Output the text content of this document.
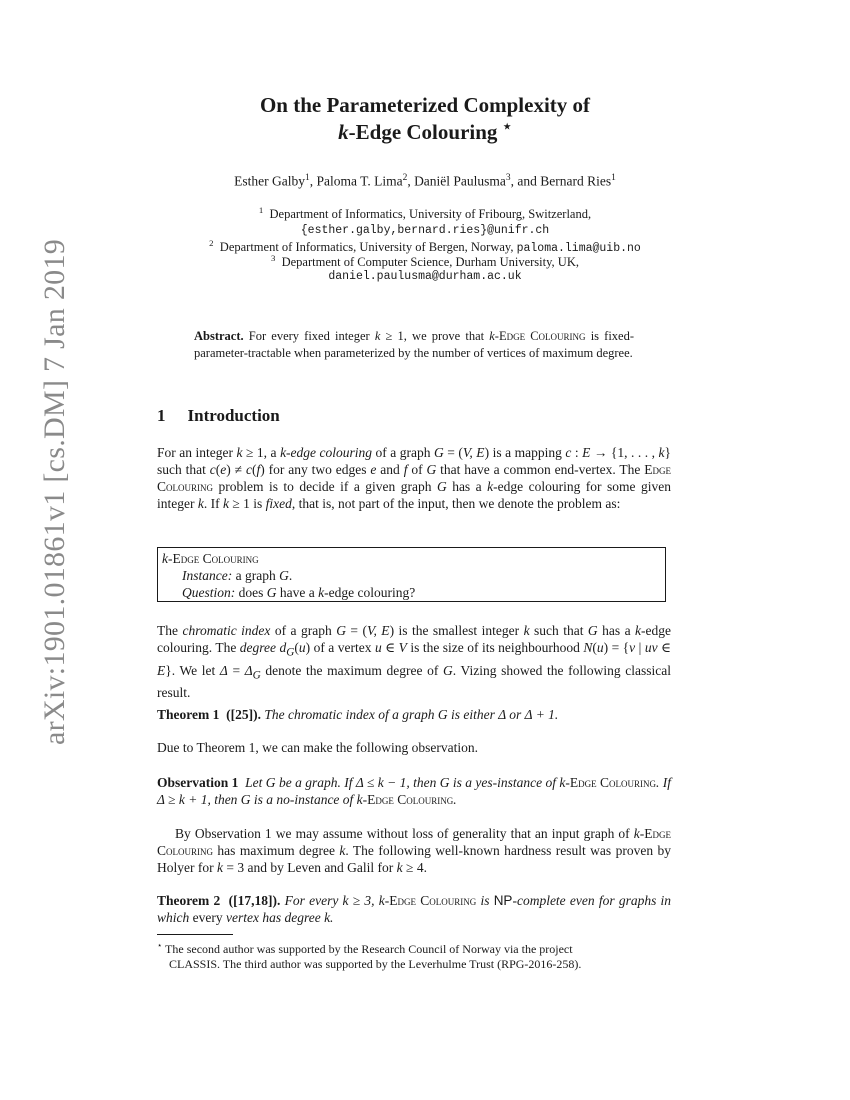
arXiv:1901.01861v1 [cs.DM] 7 Jan 2019
On the Parameterized Complexity of
k-Edge Colouring ⋆
Esther Galby$^1$, Paloma T. Lima$^2$, Daniël Paulusma$^3$, and Bernard Ries$^1$
$^1$ Department of Informatics, University of Fribourg, Switzerland,
{esther.galby,bernard.ries}@unifr.ch
$^2$ Department of Informatics, University of Bergen, Norway, paloma.lima@uib.no
$^3$ Department of Computer Science, Durham University, UK,
daniel.paulusma@durham.ac.uk
Abstract. For every fixed integer k ≥ 1, we prove that k-Edge Colouring is fixed-parameter-tractable when parameterized by the number of vertices of maximum degree.
1 Introduction
For an integer k ≥ 1, a k-edge colouring of a graph G = (V, E) is a mapping c : E → {1, . . . , k} such that c(e) ≠ c(f) for any two edges e and f of G that have a common end-vertex. The Edge Colouring problem is to decide if a given graph G has a k-edge colouring for some given integer k. If k ≥ 1 is fixed, that is, not part of the input, then we denote the problem as:
k-Edge Colouring
Instance: a graph G.
Question: does G have a k-edge colouring?
The chromatic index of a graph G = (V, E) is the smallest integer k such that G has a k-edge colouring. The degree $d_G(u)$ of a vertex u ∈ V is the size of its neighbourhood N(u) = {v | uv ∈ E}. We let $\Delta = \Delta_G$ denote the maximum degree of G. Vizing showed the following classical result.
Theorem 1 ([25]). The chromatic index of a graph G is either Δ or Δ + 1.
Due to Theorem 1, we can make the following observation.
Observation 1 Let G be a graph. If Δ ≤ k − 1, then G is a yes-instance of k-Edge Colouring. If Δ ≥ k + 1, then G is a no-instance of k-Edge Colouring.
By Observation 1 we may assume without loss of generality that an input graph of k-Edge Colouring has maximum degree k. The following well-known hardness result was proven by Holyer for k = 3 and by Leven and Galil for k ≥ 4.
Theorem 2 ([17,18]). For every k ≥ 3, k-Edge Colouring is NP-complete even for graphs in which every vertex has degree k.
⋆ The second author was supported by the Research Council of Norway via the project
CLASSIS. The third author was supported by the Leverhulme Trust (RPG-2016-258).
